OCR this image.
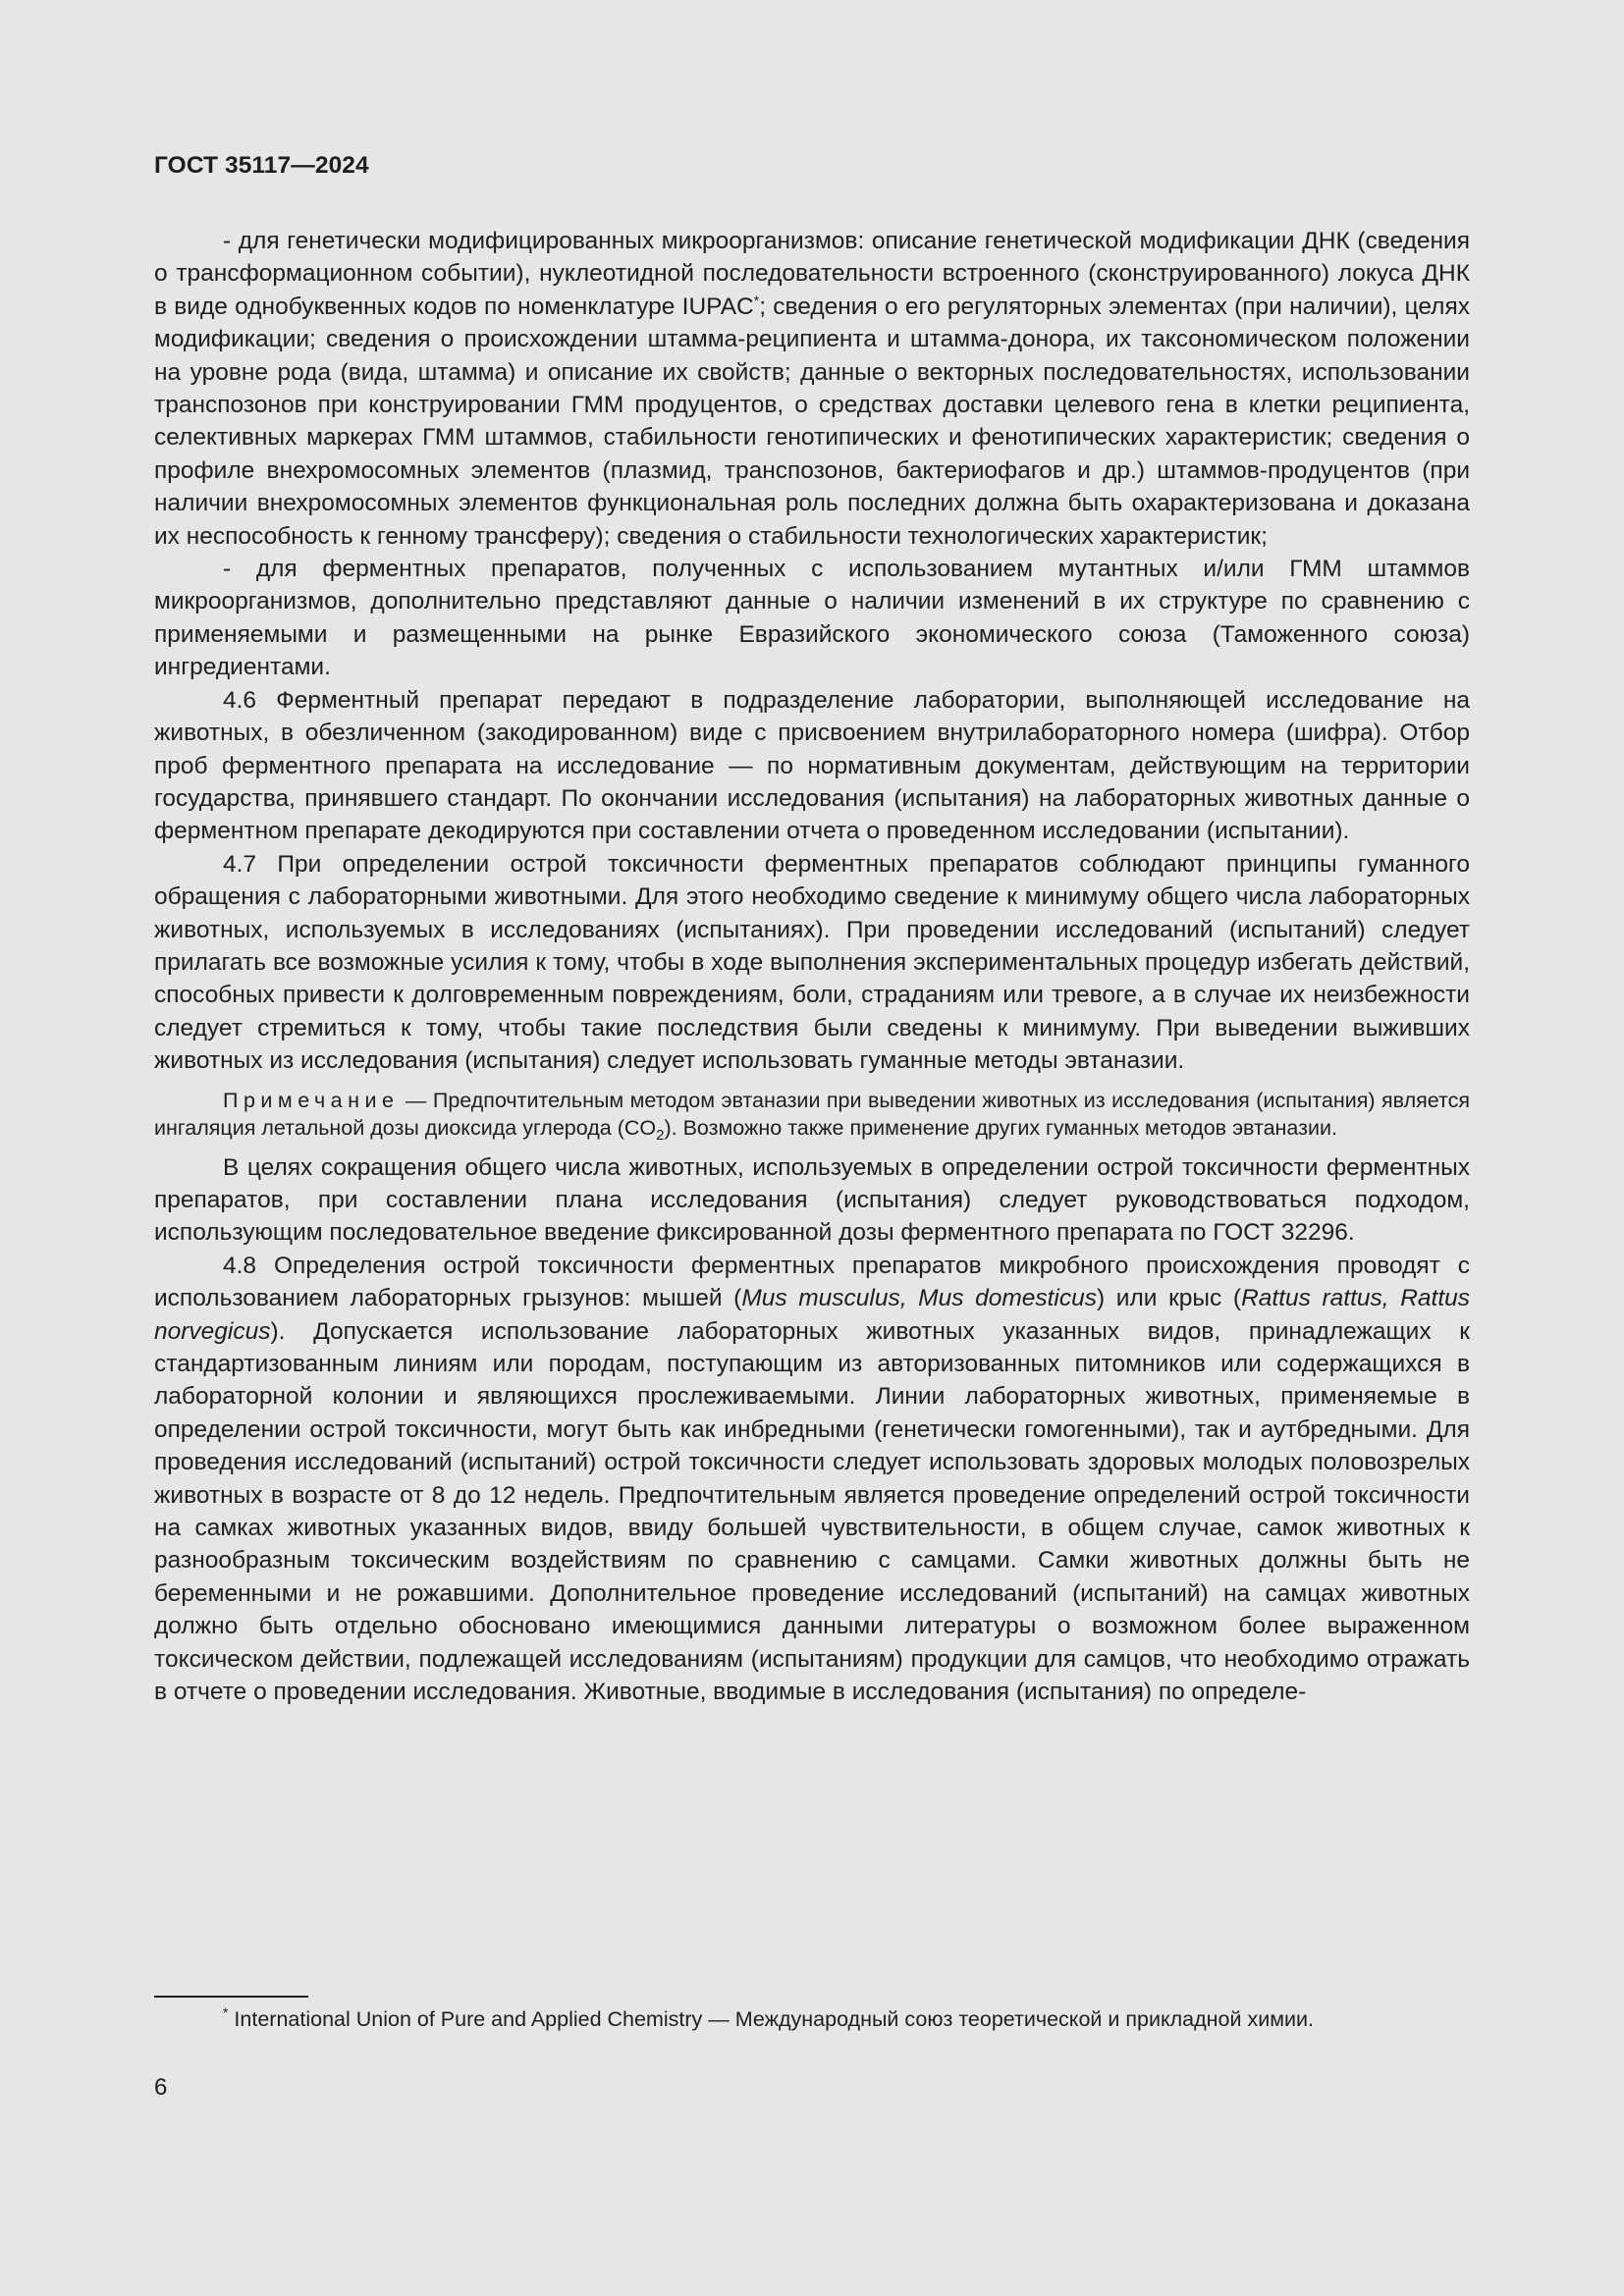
ГОСТ 35117—2024

- для генетически модифицированных микроорганизмов: описание генетической модификации ДНК (сведения о трансформационном событии), нуклеотидной последовательности встроенного (сконструированного) локуса ДНК в виде однобуквенных кодов по номенклатуре IUPAC*; сведения о его регуляторных элементах (при наличии), целях модификации; сведения о происхождении штамма-реципиента и штамма-донора, их таксономическом положении на уровне рода (вида, штамма) и описание их свойств; данные о векторных последовательностях, использовании транспозонов при конструировании ГММ продуцентов, о средствах доставки целевого гена в клетки реципиента, селективных маркерах ГММ штаммов, стабильности генотипических и фенотипических характеристик; сведения о профиле внехромосомных элементов (плазмид, транспозонов, бактериофагов и др.) штаммов-продуцентов (при наличии внехромосомных элементов функциональная роль последних должна быть охарактеризована и доказана их неспособность к генному трансферу); сведения о стабильности технологических характеристик;

- для ферментных препаратов, полученных с использованием мутантных и/или ГММ штаммов микроорганизмов, дополнительно представляют данные о наличии изменений в их структуре по сравнению с применяемыми и размещенными на рынке Евразийского экономического союза (Таможенного союза) ингредиентами.

4.6 Ферментный препарат передают в подразделение лаборатории, выполняющей исследование на животных, в обезличенном (закодированном) виде с присвоением внутрилабораторного номера (шифра). Отбор проб ферментного препарата на исследование — по нормативным документам, действующим на территории государства, принявшего стандарт. По окончании исследования (испытания) на лабораторных животных данные о ферментном препарате декодируются при составлении отчета о проведенном исследовании (испытании).

4.7 При определении острой токсичности ферментных препаратов соблюдают принципы гуманного обращения с лабораторными животными. Для этого необходимо сведение к минимуму общего числа лабораторных животных, используемых в исследованиях (испытаниях). При проведении исследований (испытаний) следует прилагать все возможные усилия к тому, чтобы в ходе выполнения экспериментальных процедур избегать действий, способных привести к долговременным повреждениям, боли, страданиям или тревоге, а в случае их неизбежности следует стремиться к тому, чтобы такие последствия были сведены к минимуму. При выведении выживших животных из исследования (испытания) следует использовать гуманные методы эвтаназии.

Примечание — Предпочтительным методом эвтаназии при выведении животных из исследования (испытания) является ингаляция летальной дозы диоксида углерода $(CO_2)$. Возможно также применение других гуманных методов эвтаназии.

В целях сокращения общего числа животных, используемых в определении острой токсичности ферментных препаратов, при составлении плана исследования (испытания) следует руководствоваться подходом, использующим последовательное введение фиксированной дозы ферментного препарата по ГОСТ 32296.

4.8 Определения острой токсичности ферментных препаратов микробного происхождения проводят с использованием лабораторных грызунов: мышей (Mus musculus, Mus domesticus) или крыс (Rattus rattus, Rattus norvegicus). Допускается использование лабораторных животных указанных видов, принадлежащих к стандартизованным линиям или породам, поступающим из авторизованных питомников или содержащихся в лабораторной колонии и являющихся прослеживаемыми. Линии лабораторных животных, применяемые в определении острой токсичности, могут быть как инбредными (генетически гомогенными), так и аутбредными. Для проведения исследований (испытаний) острой токсичности следует использовать здоровых молодых половозрелых животных в возрасте от 8 до 12 недель. Предпочтительным является проведение определений острой токсичности на самках животных указанных видов, ввиду большей чувствительности, в общем случае, самок животных к разнообразным токсическим воздействиям по сравнению с самцами. Самки животных должны быть не беременными и не рожавшими. Дополнительное проведение исследований (испытаний) на самцах животных должно быть отдельно обосновано имеющимися данными литературы о возможном более выраженном токсическом действии, подлежащей исследованиям (испытаниям) продукции для самцов, что необходимо отражать в отчете о проведении исследования. Животные, вводимые в исследования (испытания) по определе-

* International Union of Pure and Applied Chemistry — Международный союз теоретической и прикладной химии.

6
